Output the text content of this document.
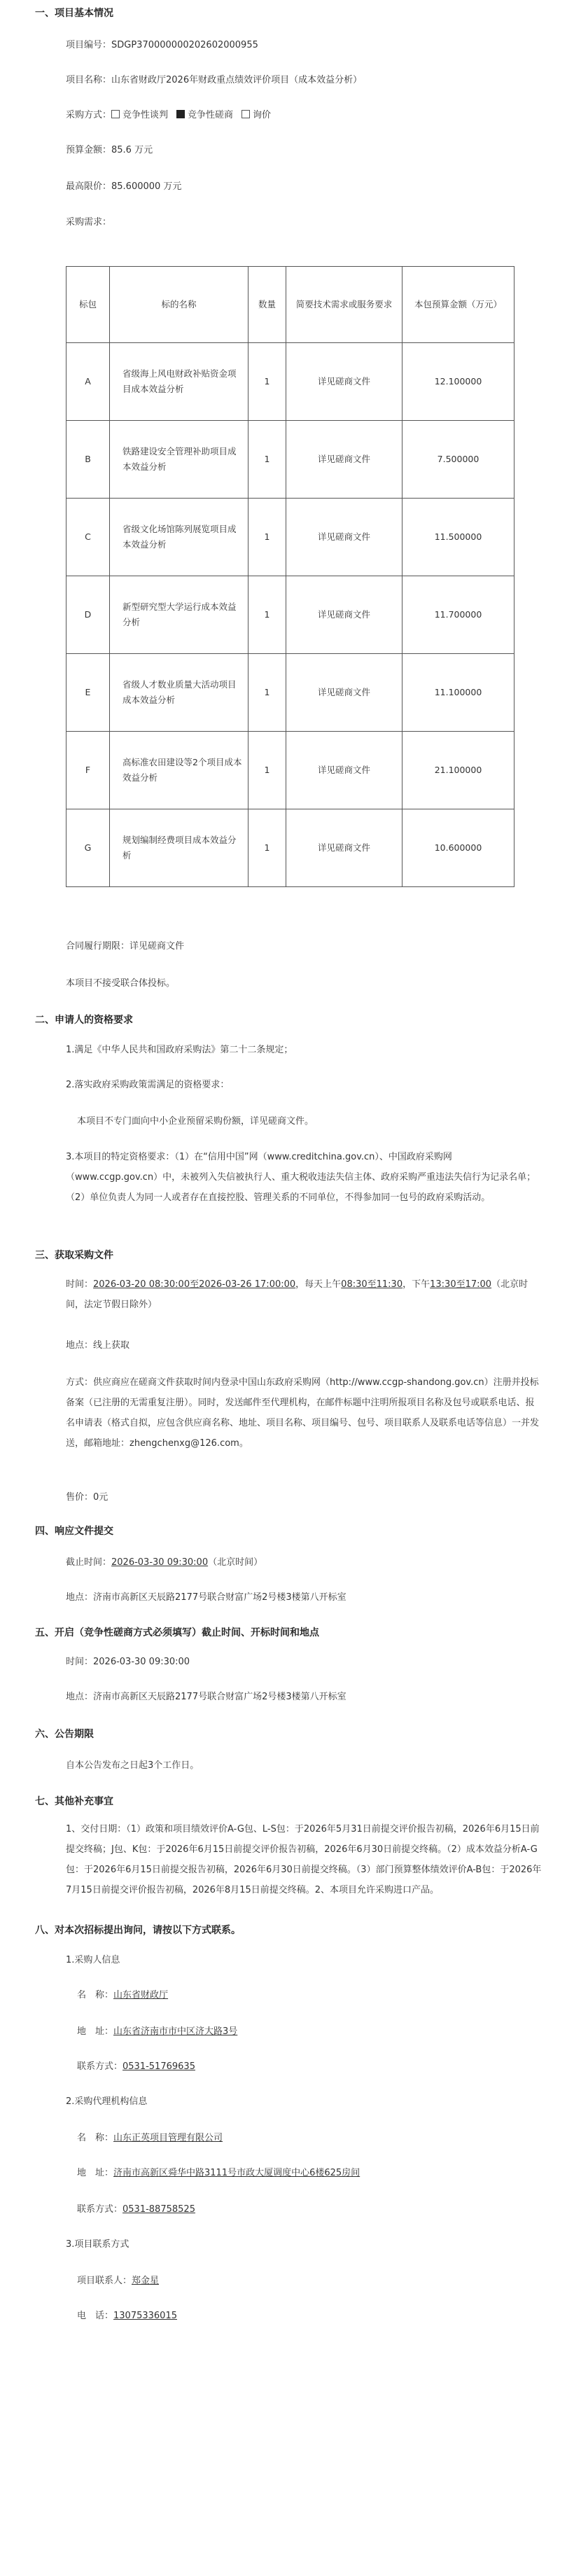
一、项目基本情况

项目编号：SDGP370000000202602000955

项目名称：山东省财政厅2026年财政重点绩效评价项目（成本效益分析）

采购方式： 竞争性谈判 竞争性磋商 询价

预算金额：85.6 万元

最高限价：85.600000 万元

采购需求：

标包	标的名称	数量	简要技术需求或服务要求	本包预算金额（万元）
A	省级海上风电财政补贴资金项目成本效益分析	1	详见磋商文件	12.100000
B	铁路建设安全管理补助项目成本效益分析	1	详见磋商文件	7.500000
C	省级文化场馆陈列展览项目成本效益分析	1	详见磋商文件	11.500000
D	新型研究型大学运行成本效益分析	1	详见磋商文件	11.700000
E	省级人才数业质量大活动项目成本效益分析	1	详见磋商文件	11.100000
F	高标准农田建设等2个项目成本效益分析	1	详见磋商文件	21.100000
G	规划编制经费项目成本效益分析	1	详见磋商文件	10.600000

合同履行期限：详见磋商文件

本项目不接受联合体投标。

二、申请人的资格要求

1.满足《中华人民共和国政府采购法》第二十二条规定；

2.落实政府采购政策需满足的资格要求：

本项目不专门面向中小企业预留采购份额，详见磋商文件。

3.本项目的特定资格要求：（1）在“信用中国”网（www.creditchina.gov.cn）、中国政府采购网（www.ccgp.gov.cn）中，未被列入失信被执行人、重大税收违法失信主体、政府采购严重违法失信行为记录名单；（2）单位负责人为同一人或者存在直接控股、管理关系的不同单位，不得参加同一包号的政府采购活动。

三、获取采购文件

时间：2026-03-20 08:30:00至2026-03-26 17:00:00，每天上午08:30至11:30，下午13:30至17:00（北京时间，法定节假日除外）

地点：线上获取

方式：供应商应在磋商文件获取时间内登录中国山东政府采购网（http://www.ccgp-shandong.gov.cn）注册并投标备案（已注册的无需重复注册）。同时，发送邮件至代理机构，在邮件标题中注明所报项目名称及包号或联系电话、报名申请表（格式自拟，应包含供应商名称、地址、项目名称、项目编号、包号、项目联系人及联系电话等信息）一并发送，邮箱地址：zhengchenxg@126.com。

售价：0元

四、响应文件提交

截止时间：2026-03-30 09:30:00（北京时间）

地点：济南市高新区天辰路2177号联合财富广场2号楼3楼第八开标室

五、开启（竞争性磋商方式必须填写）截止时间、开标时间和地点

时间：2026-03-30 09:30:00

地点：济南市高新区天辰路2177号联合财富广场2号楼3楼第八开标室

六、公告期限

自本公告发布之日起3个工作日。

七、其他补充事宜

1、交付日期：（1）政策和项目绩效评价A-G包、L-S包：于2026年5月31日前提交评价报告初稿，2026年6月15日前提交终稿；J包、K包：于2026年6月15日前提交评价报告初稿，2026年6月30日前提交终稿。（2）成本效益分析A-G包：于2026年6月15日前提交报告初稿，2026年6月30日前提交终稿。（3）部门预算整体绩效评价A-B包：于2026年7月15日前提交评价报告初稿，2026年8月15日前提交终稿。2、本项目允许采购进口产品。

八、对本次招标提出询问，请按以下方式联系。

1.采购人信息

名　称：山东省财政厅

地　址：山东省济南市市中区济大路3号

联系方式：0531-51769635

2.采购代理机构信息

名　称：山东正英项目管理有限公司

地　址：济南市高新区舜华中路3111号市政大厦调度中心6楼625房间

联系方式：0531-88758525

3.项目联系方式

项目联系人：郑金星

电　话：13075336015
